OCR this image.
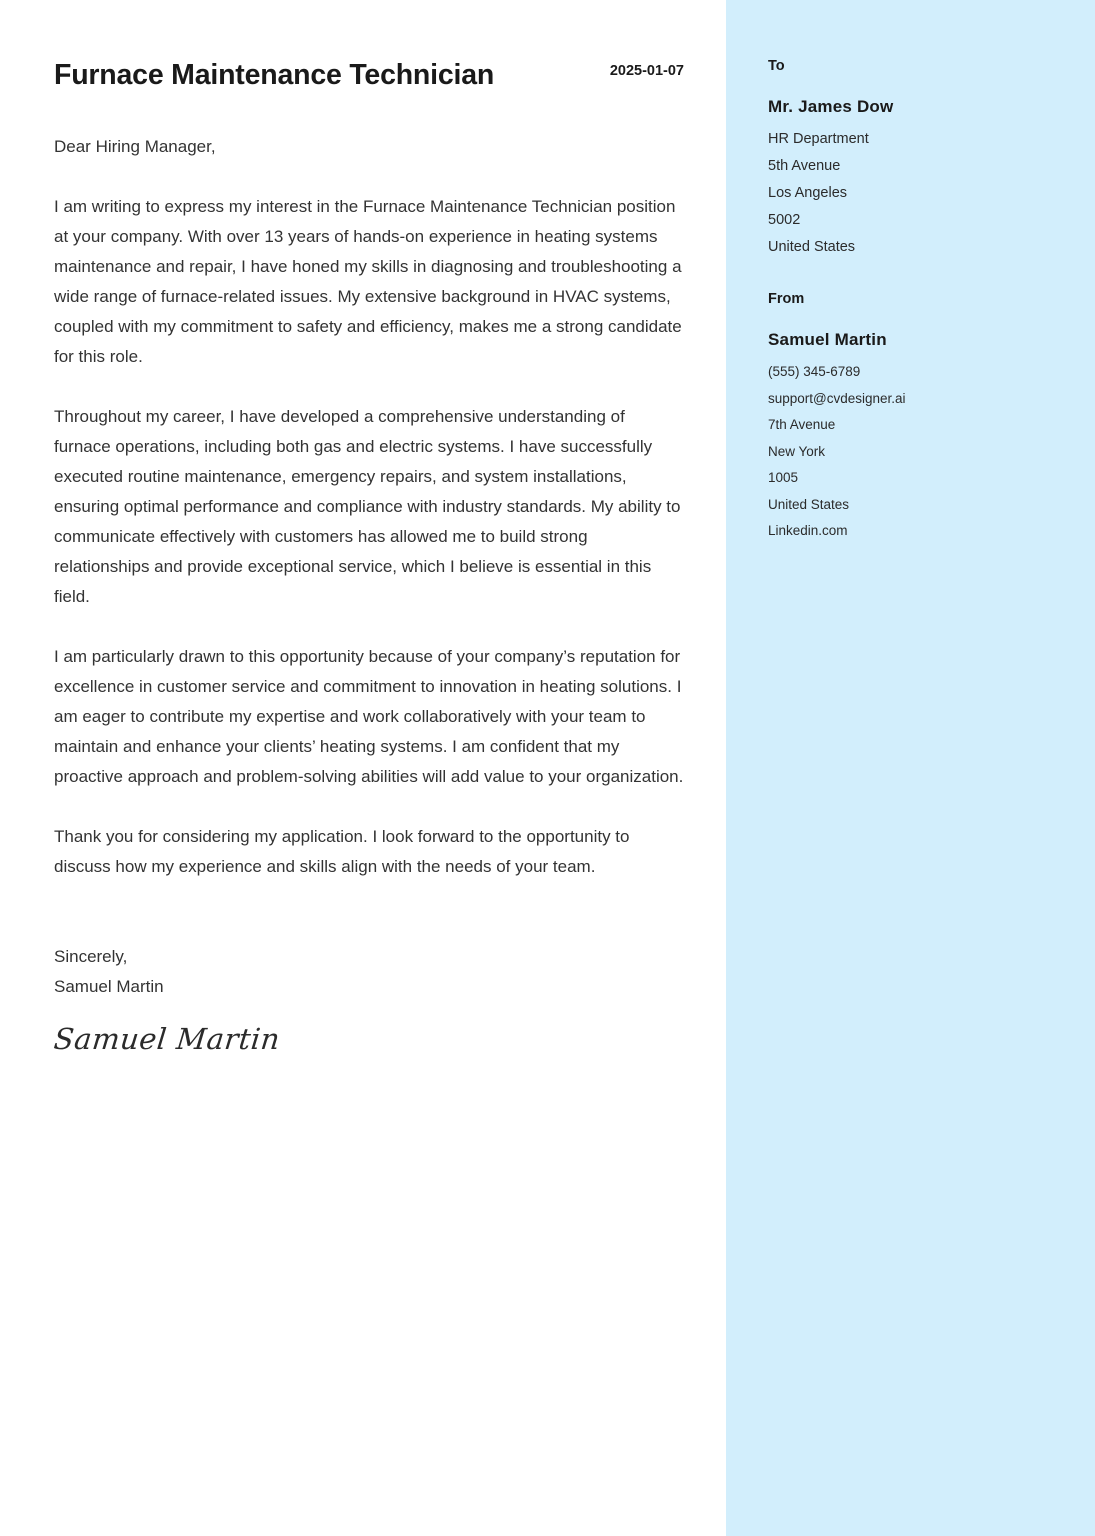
Furnace Maintenance Technician	2025-01-07

Dear Hiring Manager,

I am writing to express my interest in the Furnace Maintenance Technician position at your company. With over 13 years of hands-on experience in heating systems maintenance and repair, I have honed my skills in diagnosing and troubleshooting a wide range of furnace-related issues. My extensive background in HVAC systems, coupled with my commitment to safety and efficiency, makes me a strong candidate for this role.

Throughout my career, I have developed a comprehensive understanding of furnace operations, including both gas and electric systems. I have successfully executed routine maintenance, emergency repairs, and system installations, ensuring optimal performance and compliance with industry standards. My ability to communicate effectively with customers has allowed me to build strong relationships and provide exceptional service, which I believe is essential in this field.

I am particularly drawn to this opportunity because of your company’s reputation for excellence in customer service and commitment to innovation in heating solutions. I am eager to contribute my expertise and work collaboratively with your team to maintain and enhance your clients’ heating systems. I am confident that my proactive approach and problem-solving abilities will add value to your organization.

Thank you for considering my application. I look forward to the opportunity to discuss how my experience and skills align with the needs of your team.

Sincerely,

Samuel Martin

Samuel Martin
To
Mr. James Dow
HR Department
5th Avenue
Los Angeles
5002
United States
From
Samuel Martin
(555) 345-6789
support@cvdesigner.ai
7th Avenue
New York
1005
United States
Linkedin.com
